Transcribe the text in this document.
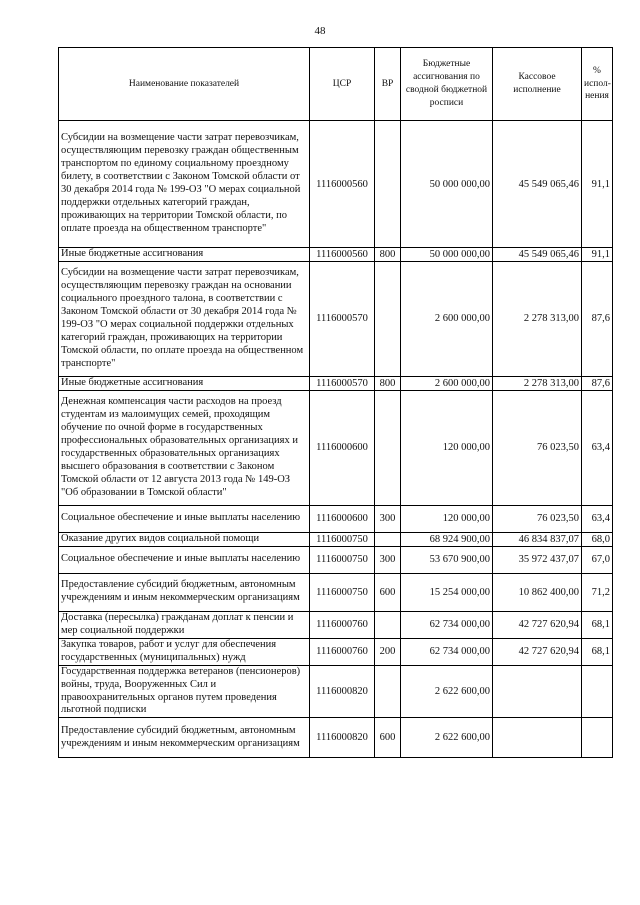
48
Наименование показателей	ЦСР	ВР	Бюджетные ассигнования по сводной бюджетной росписи	Кассовое исполнение	% испол-нения
Субсидии на возмещение части затрат перевозчикам, осуществляющим перевозку граждан общественным транспортом по единому социальному проездному билету, в соответствии с Законом Томской области от 30 декабря 2014 года № 199-ОЗ "О мерах социальной поддержки отдельных категорий граждан, проживающих на территории Томской области, по оплате проезда на общественном транспорте"	1116000560		50 000 000,00	45 549 065,46	91,1
Иные бюджетные ассигнования	1116000560	800	50 000 000,00	45 549 065,46	91,1
Субсидии на возмещение части затрат перевозчикам, осуществляющим перевозку граждан на основании социального проездного талона, в соответствии с Законом Томской области от 30 декабря 2014 года № 199-ОЗ "О мерах социальной поддержки отдельных категорий граждан, проживающих на территории Томской области, по оплате проезда на общественном транспорте"	1116000570		2 600 000,00	2 278 313,00	87,6
Иные бюджетные ассигнования	1116000570	800	2 600 000,00	2 278 313,00	87,6
Денежная компенсация части расходов на проезд студентам из малоимущих семей, проходящим обучение по очной форме в государственных профессиональных образовательных организациях и государственных образовательных организациях высшего образования в соответствии с Законом Томской области от 12 августа 2013 года № 149-ОЗ "Об образовании в Томской области"	1116000600		120 000,00	76 023,50	63,4
Социальное обеспечение и иные выплаты населению	1116000600	300	120 000,00	76 023,50	63,4
Оказание других видов социальной помощи	1116000750		68 924 900,00	46 834 837,07	68,0
Социальное обеспечение и иные выплаты населению	1116000750	300	53 670 900,00	35 972 437,07	67,0
Предоставление субсидий бюджетным, автономным учреждениям и иным некоммерческим организациям	1116000750	600	15 254 000,00	10 862 400,00	71,2
Доставка (пересылка) гражданам доплат к пенсии и мер социальной поддержки	1116000760		62 734 000,00	42 727 620,94	68,1
Закупка товаров, работ и услуг для обеспечения государственных (муниципальных) нужд	1116000760	200	62 734 000,00	42 727 620,94	68,1
Государственная поддержка ветеранов (пенсионеров) войны, труда, Вооруженных Сил и правоохранительных органов путем проведения льготной подписки	1116000820		2 622 600,00		
Предоставление субсидий бюджетным, автономным учреждениям и иным некоммерческим организациям	1116000820	600	2 622 600,00		
